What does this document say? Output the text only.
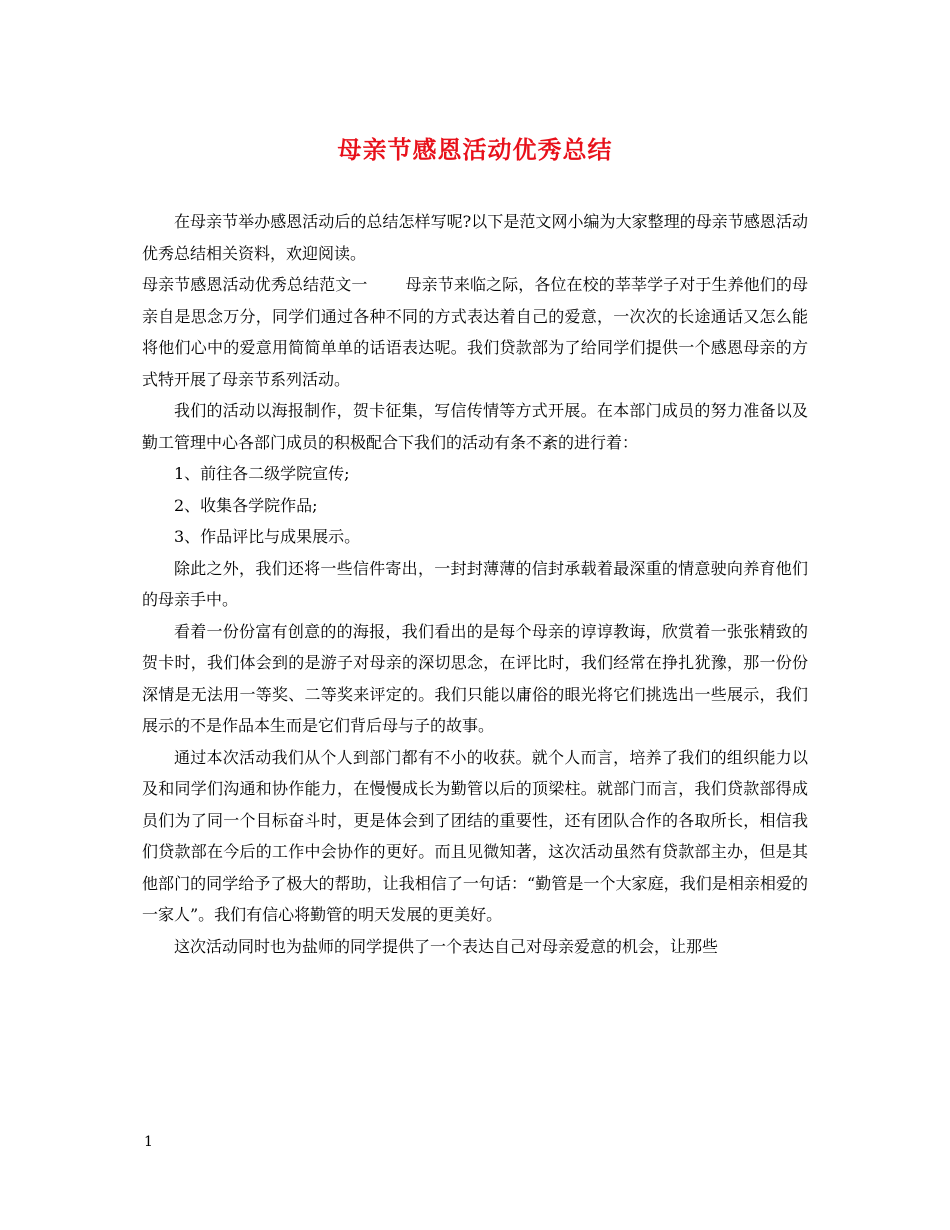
母亲节感恩活动优秀总结

在母亲节举办感恩活动后的总结怎样写呢?以下是范文网小编为大家整理的母亲节感恩活动优秀总结相关资料，欢迎阅读。

母亲节感恩活动优秀总结范文一 母亲节来临之际，各位在校的莘莘学子对于生养他们的母亲自是思念万分，同学们通过各种不同的方式表达着自己的爱意，一次次的长途通话又怎么能将他们心中的爱意用简简单单的话语表达呢。我们贷款部为了给同学们提供一个感恩母亲的方式特开展了母亲节系列活动。

我们的活动以海报制作，贺卡征集，写信传情等方式开展。在本部门成员的努力准备以及勤工管理中心各部门成员的积极配合下我们的活动有条不紊的进行着：

1、前往各二级学院宣传;

2、收集各学院作品;

3、作品评比与成果展示。

除此之外，我们还将一些信件寄出，一封封薄薄的信封承载着最深重的情意驶向养育他们的母亲手中。

看着一份份富有创意的的海报，我们看出的是每个母亲的谆谆教诲，欣赏着一张张精致的贺卡时，我们体会到的是游子对母亲的深切思念，在评比时，我们经常在挣扎犹豫，那一份份深情是无法用一等奖、二等奖来评定的。我们只能以庸俗的眼光将它们挑选出一些展示，我们展示的不是作品本生而是它们背后母与子的故事。

通过本次活动我们从个人到部门都有不小的收获。就个人而言，培养了我们的组织能力以及和同学们沟通和协作能力，在慢慢成长为勤管以后的顶梁柱。就部门而言，我们贷款部得成员们为了同一个目标奋斗时，更是体会到了团结的重要性，还有团队合作的各取所长，相信我们贷款部在今后的工作中会协作的更好。而且见微知著，这次活动虽然有贷款部主办，但是其他部门的同学给予了极大的帮助，让我相信了一句话：“勤管是一个大家庭，我们是相亲相爱的一家人”。我们有信心将勤管的明天发展的更美好。

这次活动同时也为盐师的同学提供了一个表达自己对母亲爱意的机会，让那些

1
